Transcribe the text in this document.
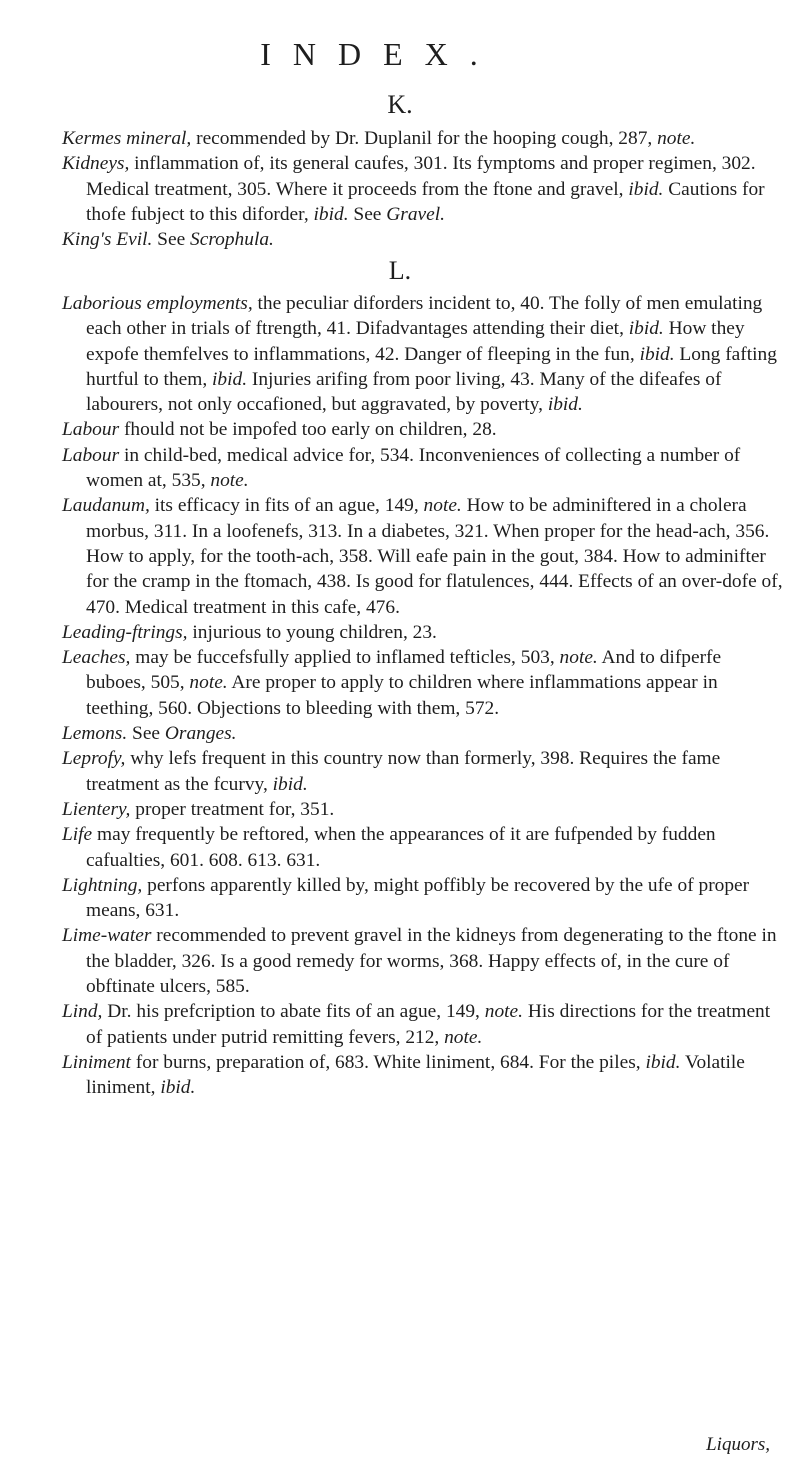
INDEX.
K.

Kermes mineral, recommended by Dr. Duplanil for the hooping cough, 287, note.

Kidneys, inflammation of, its general caufes, 301. Its fymptoms and proper regimen, 302. Medical treatment, 305. Where it proceeds from the ftone and gravel, ibid. Cautions for thofe fubject to this diforder, ibid. See Gravel.

King's Evil. See Scrophula.

L.

Laborious employments, the peculiar diforders incident to, 40. The folly of men emulating each other in trials of ftrength, 41. Difadvantages attending their diet, ibid. How they expofe themfelves to inflammations, 42. Danger of fleeping in the fun, ibid. Long fafting hurtful to them, ibid. Injuries arifing from poor living, 43. Many of the difeafes of labourers, not only occafioned, but aggravated, by poverty, ibid.

Labour fhould not be impofed too early on children, 28.

Labour in child-bed, medical advice for, 534. Inconveniences of collecting a number of women at, 535, note.

Laudanum, its efficacy in fits of an ague, 149, note. How to be adminiftered in a cholera morbus, 311. In a loofenefs, 313. In a diabetes, 321. When proper for the head-ach, 356. How to apply, for the tooth-ach, 358. Will eafe pain in the gout, 384. How to adminifter for the cramp in the ftomach, 438. Is good for flatulences, 444. Effects of an over-dofe of, 470. Medical treatment in this cafe, 476.

Leading-ftrings, injurious to young children, 23.

Leaches, may be fuccefsfully applied to inflamed tefticles, 503, note. And to difperfe buboes, 505, note. Are proper to apply to children where inflammations appear in teething, 560. Objections to bleeding with them, 572.

Lemons. See Oranges.

Leprofy, why lefs frequent in this country now than formerly, 398. Requires the fame treatment as the fcurvy, ibid.

Lientery, proper treatment for, 351.

Life may frequently be reftored, when the appearances of it are fufpended by fudden cafualties, 601. 608. 613. 631.

Lightning, perfons apparently killed by, might poffibly be recovered by the ufe of proper means, 631.

Lime-water recommended to prevent gravel in the kidneys from degenerating to the ftone in the bladder, 326. Is a good remedy for worms, 368. Happy effects of, in the cure of obftinate ulcers, 585.

Lind, Dr. his prefcription to abate fits of an ague, 149, note. His directions for the treatment of patients under putrid remitting fevers, 212, note.

Liniment for burns, preparation of, 683. White liniment, 684. For the piles, ibid. Volatile liniment, ibid.

Liquors,
